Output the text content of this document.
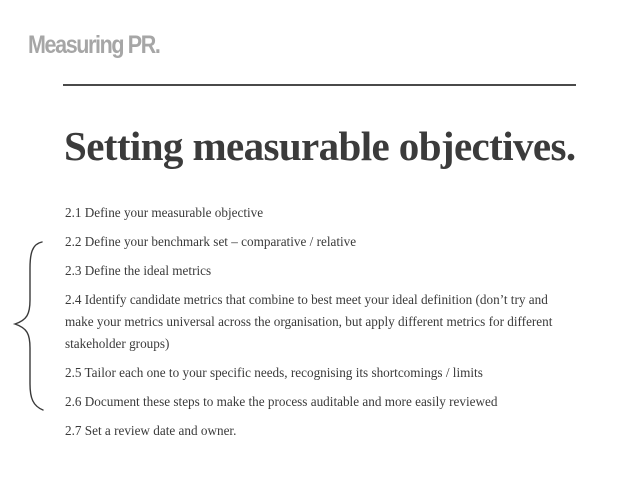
Measuring PR.
Setting measurable objectives.
2.1 Define your measurable objective
2.2 Define your benchmark set – comparative / relative
2.3 Define the ideal metrics
2.4 Identify candidate metrics that combine to best meet your ideal definition (don’t try and make your metrics universal across the organisation, but apply different metrics for different stakeholder groups)
2.5 Tailor each one to your specific needs, recognising its shortcomings / limits
2.6 Document these steps to make the process auditable and more easily reviewed
2.7 Set a review date and owner.
